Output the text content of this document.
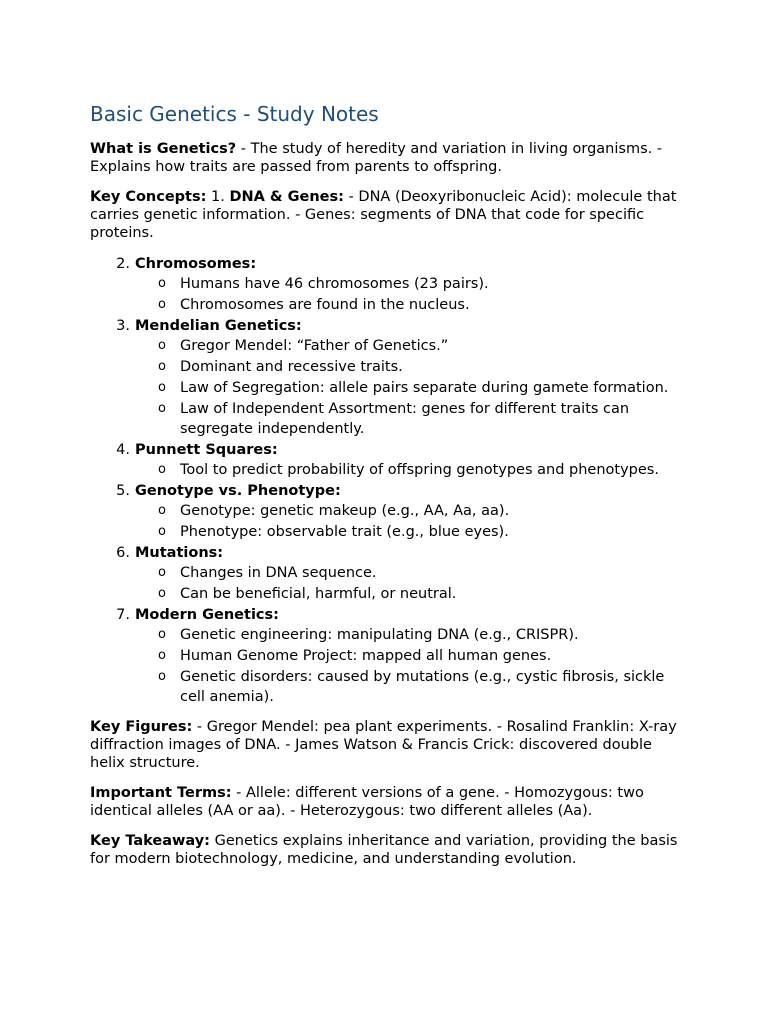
Basic Genetics - Study Notes

What is Genetics? - The study of heredity and variation in living organisms. - Explains how traits are passed from parents to offspring.

Key Concepts: 1. DNA & Genes: - DNA (Deoxyribonucleic Acid): molecule that carries genetic information. - Genes: segments of DNA that code for specific proteins.

2. Chromosomes:
o Humans have 46 chromosomes (23 pairs).
o Chromosomes are found in the nucleus.
3. Mendelian Genetics:
o Gregor Mendel: “Father of Genetics.”
o Dominant and recessive traits.
o Law of Segregation: allele pairs separate during gamete formation.
o Law of Independent Assortment: genes for different traits can segregate independently.
4. Punnett Squares:
o Tool to predict probability of offspring genotypes and phenotypes.
5. Genotype vs. Phenotype:
o Genotype: genetic makeup (e.g., AA, Aa, aa).
o Phenotype: observable trait (e.g., blue eyes).
6. Mutations:
o Changes in DNA sequence.
o Can be beneficial, harmful, or neutral.
7. Modern Genetics:
o Genetic engineering: manipulating DNA (e.g., CRISPR).
o Human Genome Project: mapped all human genes.
o Genetic disorders: caused by mutations (e.g., cystic fibrosis, sickle cell anemia).

Key Figures: - Gregor Mendel: pea plant experiments. - Rosalind Franklin: X-ray diffraction images of DNA. - James Watson & Francis Crick: discovered double helix structure.

Important Terms: - Allele: different versions of a gene. - Homozygous: two identical alleles (AA or aa). - Heterozygous: two different alleles (Aa).

Key Takeaway: Genetics explains inheritance and variation, providing the basis for modern biotechnology, medicine, and understanding evolution.
